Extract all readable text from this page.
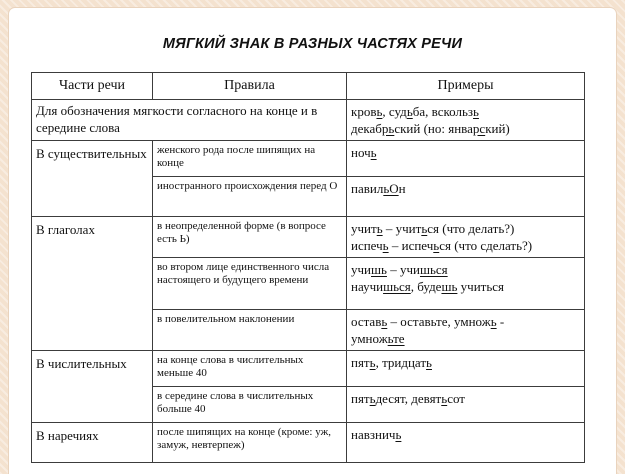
МЯГКИЙ ЗНАК В РАЗНЫХ ЧАСТЯХ РЕЧИ
Части речи	Правила	Примеры
Для обозначения мягкости согласного на конце и в середине слова		кровь, судьба, вскользь
декабрьский (но: январский)

В существительных	женского рода после шипящих на конце	ночь

	иностранного происхождения перед О	павильОн

В глаголах	в неопределенной форме (в вопросе есть Ь)	учить – учиться (что делать?)
испечь – испечься (что сделать?)

	во втором лице единственного числа настоящего и будущего времени	учишь – учишься
научишься, будешь учиться

	в повелительном наклонении	оставь – оставьте, умножь -
умножьте

В числительных	на конце слова в числительных меньше 40	пять, тридцать

	в середине слова в числительных больше 40	пятьдесят, девятьсот

В наречиях	после шипящих на конце (кроме: уж, замуж, невтерпеж)	навзничь
